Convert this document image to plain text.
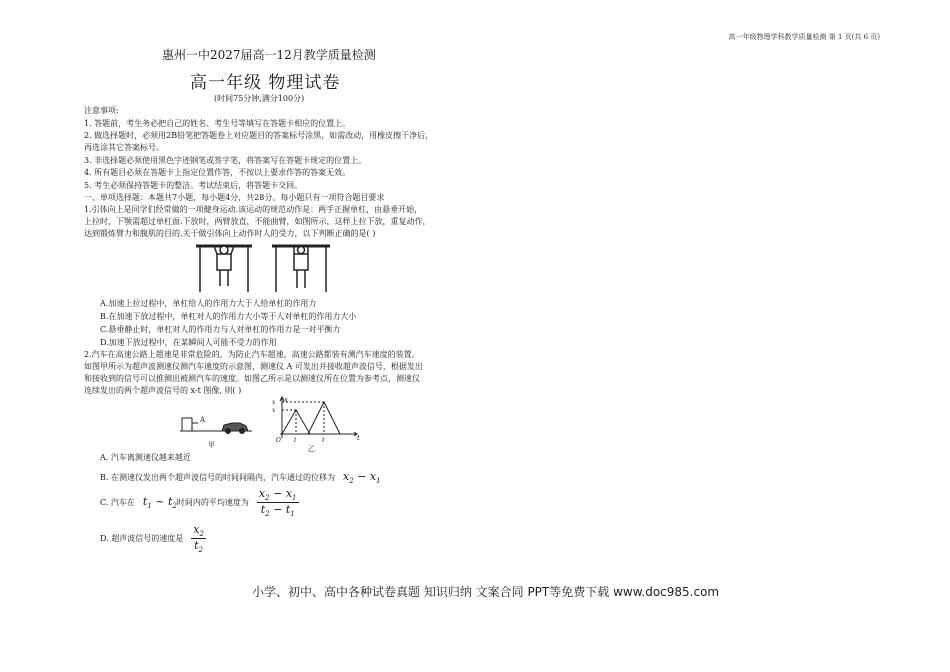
高一年级物理学科教学质量检测 第 1 页(共 6 页)
惠州一中2027届高一12月教学质量检测
高一年级 物理试卷
(时间75分钟,满分100分)
注意事项:
1. 答题前，考生务必把自己的姓名、考生号等填写在答题卡相应的位置上。
2. 做选择题时，必须用2B铅笔把答题卷上对应题目的答案标号涂黑，如需改动，用橡皮擦干净后，
再选涂其它答案标号。
3. 非选择题必须使用黑色字迹钢笔或签字笔，将答案写在答题卡规定的位置上。
4. 所有题目必须在答题卡上指定位置作答，不按以上要求作答的答案无效。
5. 考生必须保持答题卡的整洁。考试结束后，将答题卡交回。
一、单项选择题：本题共7小题，每小题4分，共28分。每小题只有一项符合题目要求
1.引体向上是同学们经常做的一项健身运动.该运动的规范动作是：两手正握单杠，由悬垂开始，
上拉时，下颚需超过单杠面.下放时，两臂放直，不能曲臂，如图所示，这样上拉下放，重复动作，
达到锻炼臂力和腹肌的目的.关于做引体向上动作时人的受力，以下判断正确的是( )
A.加速上拉过程中，单杠给人的作用力大于人给单杠的作用力
B.在加速下放过程中，单杠对人的作用力大小等于人对单杠的作用力大小
C.悬垂静止时，单杠对人的作用力与人对单杠的作用力是一对平衡力
D.加速下放过程中，在某瞬间人可能不受力的作用
2.汽车在高速公路上超速是非常危险的，为防止汽车超速，高速公路都装有测汽车速度的装置。
如图甲所示为超声波测速仪测汽车速度的示意图，测速仪 A 可发出并接收超声波信号，根据发出
和接收到的信号可以推测出被测汽车的速度。如图乙所示是以测速仪所在位置为参考点，测速仪
连续发出的两个超声波信号的 x-t 图像, 则( )
A
甲
x
x
x
O t	t	t
乙
A. 汽车离测速仪越来越近
B. 在测速仪发出两个超声波信号的时间间隔内，汽车通过的位移为 $x_2 - x_1$
C. 汽车在 $t_1$ ~ $t_2$ 时间内的平均速度为 $\frac{x_2 - x_1}{t_2 - t_1}$
D. 超声波信号的速度是 $\frac{x_2}{t_2}$
小学、初中、高中各种试卷真题 知识归纳 文案合同 PPT等免费下载 www.doc985.com
